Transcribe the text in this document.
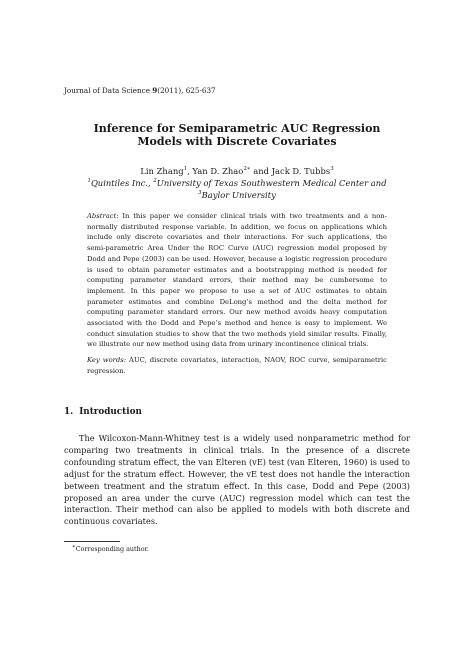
Journal of Data Science 9(2011), 625-637
Inference for Semiparametric AUC Regression Models with Discrete Covariates
Lin Zhang$^1$, Yan D. Zhao$^{2∗}$ and Jack D. Tubbs$^3$
$^1$Quintiles Inc., $^2$University of Texas Southwestern Medical Center and
$^3$Baylor University
Abstract: In this paper we consider clinical trials with two treatments and a non-normally distributed response variable. In addition, we focus on applications which include only discrete covariates and their interactions. For such applications, the semi-parametric Area Under the ROC Curve (AUC) regression model proposed by Dodd and Pepe (2003) can be used. However, because a logistic regression procedure is used to obtain parameter estimates and a bootstrapping method is needed for computing parameter standard errors, their method may be cumbersome to implement. In this paper we propose to use a set of AUC estimates to obtain parameter estimates and combine DeLong’s method and the delta method for computing parameter standard errors. Our new method avoids heavy computation associated with the Dodd and Pepe’s method and hence is easy to implement. We conduct simulation studies to show that the two methods yield similar results. Finally, we illustrate our new method using data from urinary incontinence clinical trials.
Key words: AUC, discrete covariates, interaction, NAOV, ROC curve, semiparametric regression.
1. Introduction
The Wilcoxon-Mann-Whitney test is a widely used nonparametric method for comparing two treatments in clinical trials. In the presence of a discrete confounding stratum effect, the van Elteren (vE) test (van Elteren, 1960) is used to adjust for the stratum effect. However, the vE test does not handle the interaction between treatment and the stratum effect. In this case, Dodd and Pepe (2003) proposed an area under the curve (AUC) regression model which can test the interaction. Their method can also be applied to models with both discrete and continuous covariates.
∗Corresponding author.
